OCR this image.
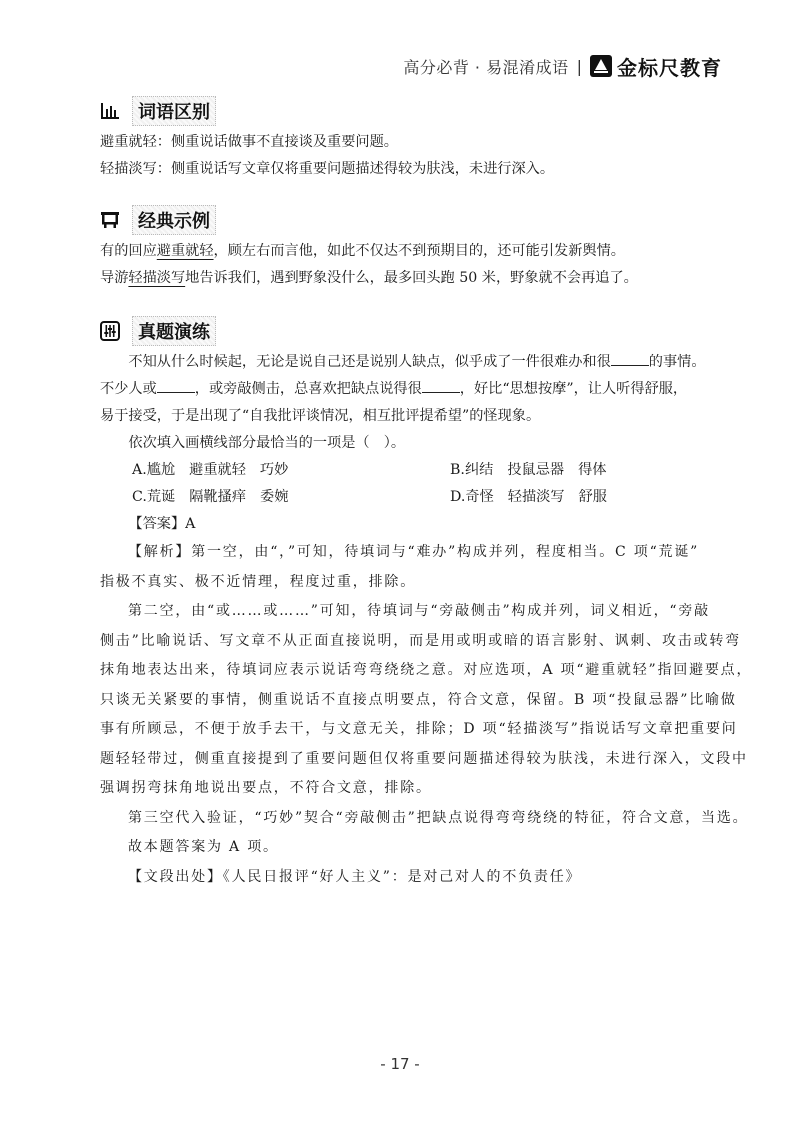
高分必背 · 易混淆成语 | 金标尺教育
词语区别

避重就轻：侧重说话做事不直接谈及重要问题。

轻描淡写：侧重说话写文章仅将重要问题描述得较为肤浅，未进行深入。

经典示例

有的回应避重就轻，顾左右而言他，如此不仅达不到预期目的，还可能引发新舆情。

导游轻描淡写地告诉我们，遇到野象没什么，最多回头跑 50 米，野象就不会再追了。

真题演练

不知从什么时候起，无论是说自己还是说别人缺点，似乎成了一件很难办和很	的事情。

不少人或	，或旁敲侧击，总喜欢把缺点说得很	，好比“思想按摩”，让人听得舒服，

易于接受，于是出现了“自我批评谈情况，相互批评提希望”的怪现象。

依次填入画横线部分最恰当的一项是（　）。

A.尴尬 避重就轻 巧妙	B.纠结 投鼠忌器 得体
C.荒诞 隔靴搔痒 委婉	D.奇怪 轻描淡写 舒服

【答案】A

【解析】第一空，由“，”可知，待填词与“难办”构成并列，程度相当。C 项“荒诞”

指极不真实、极不近情理，程度过重，排除。

第二空，由“或……或……”可知，待填词与“旁敲侧击”构成并列，词义相近，“旁敲

侧击”比喻说话、写文章不从正面直接说明，而是用或明或暗的语言影射、讽刺、攻击或转弯

抹角地表达出来，待填词应表示说话弯弯绕绕之意。对应选项，A 项“避重就轻”指回避要点，

只谈无关紧要的事情，侧重说话不直接点明要点，符合文意，保留。B 项“投鼠忌器”比喻做

事有所顾忌，不便于放手去干，与文意无关，排除；D 项“轻描淡写”指说话写文章把重要问

题轻轻带过，侧重直接提到了重要问题但仅将重要问题描述得较为肤浅，未进行深入，文段中

强调拐弯抹角地说出要点，不符合文意，排除。

第三空代入验证，“巧妙”契合“旁敲侧击”把缺点说得弯弯绕绕的特征，符合文意，当选。

故本题答案为 A 项。

【文段出处】《人民日报评“好人主义”：是对己对人的不负责任》

- 17 -
